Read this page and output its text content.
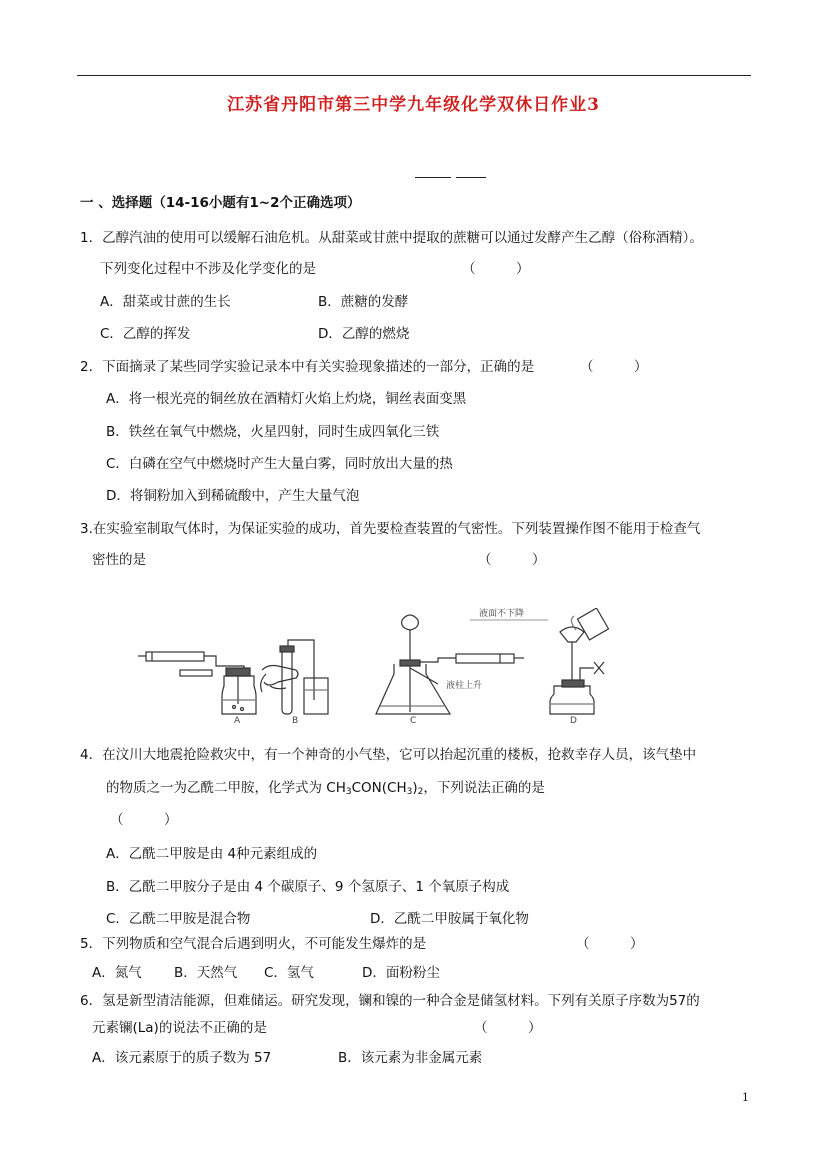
江苏省丹阳市第三中学九年级化学双休日作业3
一 、选择题（14-16小题有1~2个正确选项）
1．乙醇汽油的使用可以缓解石油危机。从甜菜或甘蔗中提取的蔗糖可以通过发酵产生乙醇（俗称酒精）。
下列变化过程中不涉及化学变化的是	（　　　）
A．甜菜或甘蔗的生长	B．蔗糖的发酵
C．乙醇的挥发	D．乙醇的燃烧
2．下面摘录了某些同学实验记录本中有关实验现象描述的一部分，正确的是	（　　　）
A．将一根光亮的铜丝放在酒精灯火焰上灼烧，铜丝表面变黑
B．铁丝在氧气中燃烧，火星四射，同时生成四氧化三铁
C．白磷在空气中燃烧时产生大量白雾，同时放出大量的热
D．将铜粉加入到稀硫酸中，产生大量气泡
3.在实验室制取气体时，为保证实验的成功，首先要检查装置的气密性。下列装置操作图不能用于检查气
密性的是	（　　　）
A	B
液柱上升
C
液面不下降
D
4．在汶川大地震抢险救灾中，有一个神奇的小气垫，它可以抬起沉重的楼板，抢救幸存人员，该气垫中
的物质之一为乙酰二甲胺，化学式为 $CH_3CON(CH_3)_2$，下列说法正确的是
（　　　）
A．乙酰二甲胺是由 4种元素组成的
B．乙酰二甲胺分子是由 4 个碳原子、9 个氢原子、1 个氧原子构成
C．乙酰二甲胺是混合物	D．乙酰二甲胺属于氧化物
5．下列物质和空气混合后遇到明火，不可能发生爆炸的是	（　　　）
A．氮气 B．天然气 C．氢气	D．面粉粉尘
6．氢是新型清洁能源，但难储运。研究发现，镧和镍的一种合金是储氢材料。下列有关原子序数为57的
元素镧(La)的说法不正确的是	（　　　）
A．该元素原于的质子数为 57	B．该元素为非金属元素
1
